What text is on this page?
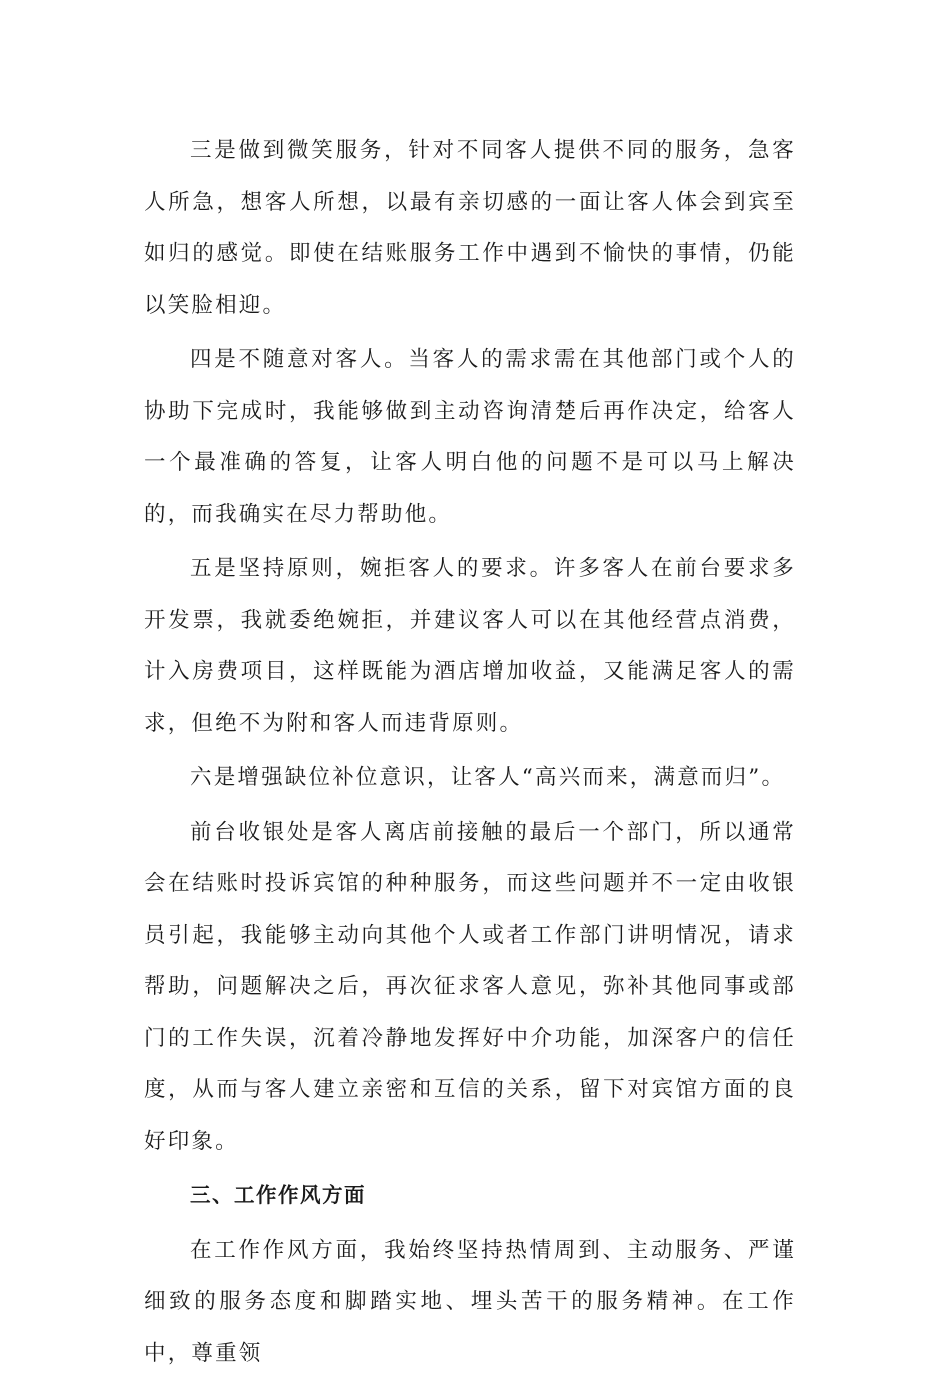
三是做到微笑服务，针对不同客人提供不同的服务，急客人所急，想客人所想，以最有亲切感的一面让客人体会到宾至如归的感觉。即使在结账服务工作中遇到不愉快的事情，仍能以笑脸相迎。

四是不随意对客人。当客人的需求需在其他部门或个人的协助下完成时，我能够做到主动咨询清楚后再作决定，给客人一个最准确的答复，让客人明白他的问题不是可以马上解决的，而我确实在尽力帮助他。

五是坚持原则，婉拒客人的要求。许多客人在前台要求多开发票，我就委绝婉拒，并建议客人可以在其他经营点消费，计入房费项目，这样既能为酒店增加收益，又能满足客人的需求，但绝不为附和客人而违背原则。

六是增强缺位补位意识，让客人“高兴而来，满意而归”。

前台收银处是客人离店前接触的最后一个部门，所以通常会在结账时投诉宾馆的种种服务，而这些问题并不一定由收银员引起，我能够主动向其他个人或者工作部门讲明情况，请求帮助，问题解决之后，再次征求客人意见，弥补其他同事或部门的工作失误，沉着冷静地发挥好中介功能，加深客户的信任度，从而与客人建立亲密和互信的关系，留下对宾馆方面的良好印象。

三、工作作风方面

在工作作风方面，我始终坚持热情周到、主动服务、严谨细致的服务态度和脚踏实地、埋头苦干的服务精神。在工作中，尊重领
